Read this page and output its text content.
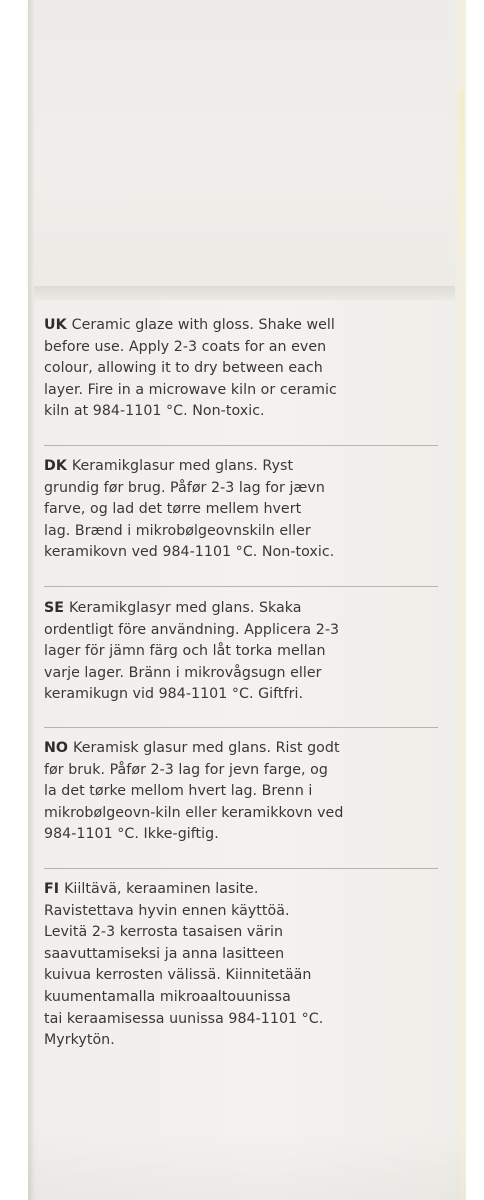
UK Ceramic glaze with gloss. Shake well
before use. Apply 2-3 coats for an even
colour, allowing it to dry between each
layer. Fire in a microwave kiln or ceramic
kiln at 984-1101 °C. Non-toxic.

DK Keramikglasur med glans. Ryst
grundig før brug. Påfør 2-3 lag for jævn
farve, og lad det tørre mellem hvert
lag. Brænd i mikrobølgeovnskiln eller
keramikovn ved 984-1101 °C. Non-toxic.

SE Keramikglasyr med glans. Skaka
ordentligt före användning. Applicera 2-3
lager för jämn färg och låt torka mellan
varje lager. Bränn i mikrovågsugn eller
keramikugn vid 984-1101 °C. Giftfri.

NO Keramisk glasur med glans. Rist godt
før bruk. Påfør 2-3 lag for jevn farge, og
la det tørke mellom hvert lag. Brenn i
mikrobølgeovn-kiln eller keramikkovn ved
984-1101 °C. Ikke-giftig.

FI Kiiltävä, keraaminen lasite.
Ravistettava hyvin ennen käyttöä.
Levitä 2-3 kerrosta tasaisen värin
saavuttamiseksi ja anna lasitteen
kuivua kerrosten välissä. Kiinnitetään
kuumentamalla mikroaaltouunissa
tai keraamisessa uunissa 984-1101 °C.
Myrkytön.
